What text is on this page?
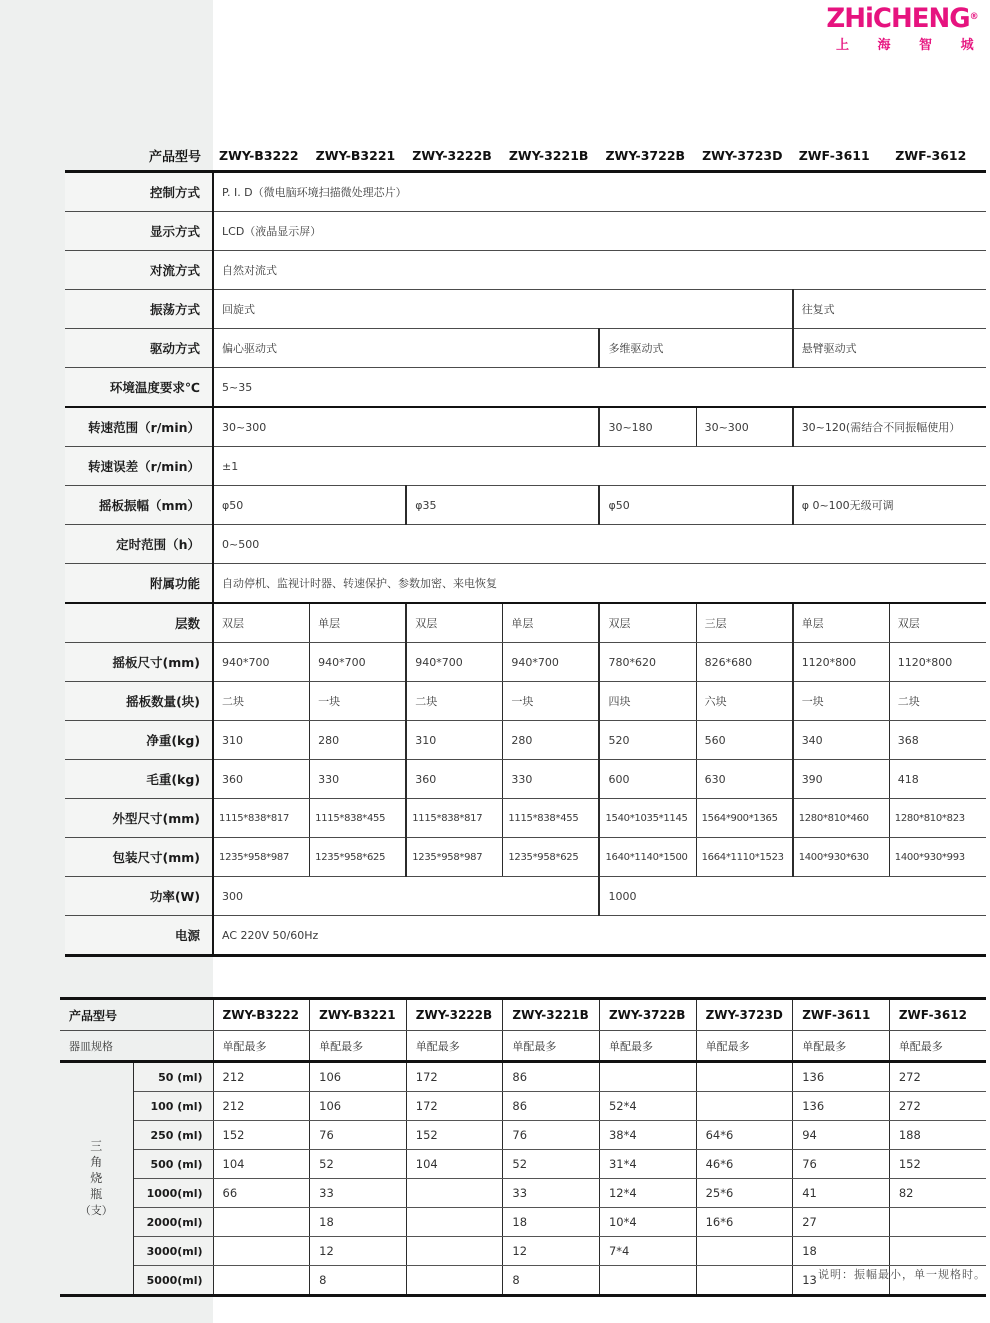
ZHiCHENG®
上 海 智 城
产品型号	ZWY-B3222	ZWY-B3221	ZWY-3222B	ZWY-3221B	ZWY-3722B	ZWY-3723D	ZWF-3611	ZWF-3612
控制方式	P. I. D（微电脑环境扫描微处理芯片）							
显示方式	LCD（液晶显示屏）							
对流方式	自然对流式							
振荡方式	回旋式						往复式	
驱动方式	偏心驱动式				多维驱动式		悬臂驱动式	
环境温度要求℃	5~35							
转速范围（r/min）	30~300				30~180	30~300	30~120(需结合不同振幅使用）	
转速误差（r/min）	±1							
摇板振幅（mm）	φ50		φ35		φ50		φ 0~100无级可调	
定时范围（h）	0~500							
附属功能	自动停机、监视计时器、转速保护、参数加密、来电恢复							
层数	双层	单层	双层	单层	双层	三层	单层	双层
摇板尺寸(mm)	940*700	940*700	940*700	940*700	780*620	826*680	1120*800	1120*800
摇板数量(块)	二块	一块	二块	一块	四块	六块	一块	二块
净重(kg)	310	280	310	280	520	560	340	368
毛重(kg)	360	330	360	330	600	630	390	418
外型尺寸(mm)	1115*838*817	1115*838*455	1115*838*817	1115*838*455	1540*1035*1145	1564*900*1365	1280*810*460	1280*810*823
包装尺寸(mm)	1235*958*987	1235*958*625	1235*958*987	1235*958*625	1640*1140*1500	1664*1110*1523	1400*930*630	1400*930*993
功率(W)	300				1000			
电源	AC 220V 50/60Hz							
产品型号		ZWY-B3222	ZWY-B3221	ZWY-3222B	ZWY-3221B	ZWY-3722B	ZWY-3723D	ZWF-3611	ZWF-3612
器皿规格		单配最多	单配最多	单配最多	单配最多	单配最多	单配最多	单配最多	单配最多
三
角
烧
瓶
（支）	50 (ml)	212	106	172	86			136	272
	100 (ml)	212	106	172	86	52*4		136	272
	250 (ml)	152	76	152	76	38*4	64*6	94	188
	500 (ml)	104	52	104	52	31*4	46*6	76	152
	1000(ml)	66	33		33	12*4	25*6	41	82
	2000(ml)		18		18	10*4	16*6	27	
	3000(ml)		12		12	7*4		18	
	5000(ml)		8		8			13	说明：振幅最小，单一规格时。
